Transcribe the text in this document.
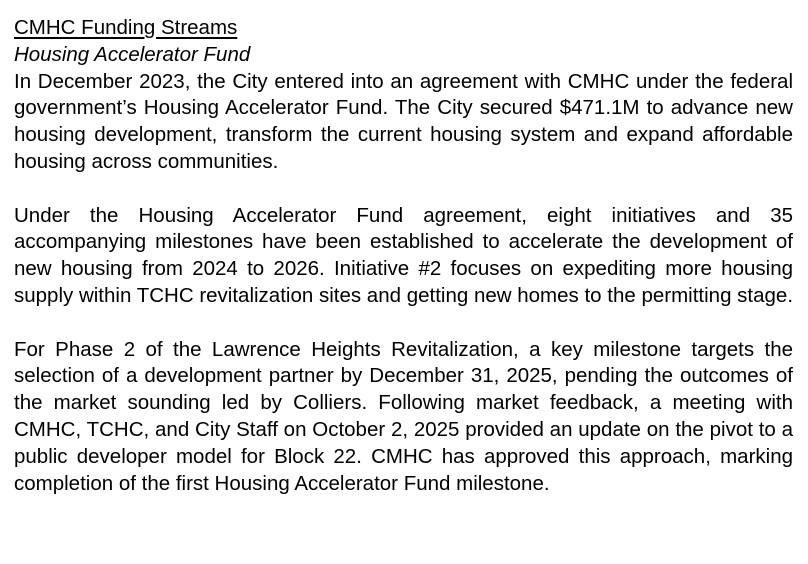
CMHC Funding Streams
Housing Accelerator Fund

In December 2023, the City entered into an agreement with CMHC under the federal government’s Housing Accelerator Fund. The City secured $471.1M to advance new housing development, transform the current housing system and expand affordable housing across communities.

Under the Housing Accelerator Fund agreement, eight initiatives and 35 accompanying milestones have been established to accelerate the development of new housing from 2024 to 2026. Initiative #2 focuses on expediting more housing supply within TCHC revitalization sites and getting new homes to the permitting stage.

For Phase 2 of the Lawrence Heights Revitalization, a key milestone targets the selection of a development partner by December 31, 2025, pending the outcomes of the market sounding led by Colliers. Following market feedback, a meeting with CMHC, TCHC, and City Staff on October 2, 2025 provided an update on the pivot to a public developer model for Block 22. CMHC has approved this approach, marking completion of the first Housing Accelerator Fund milestone.
